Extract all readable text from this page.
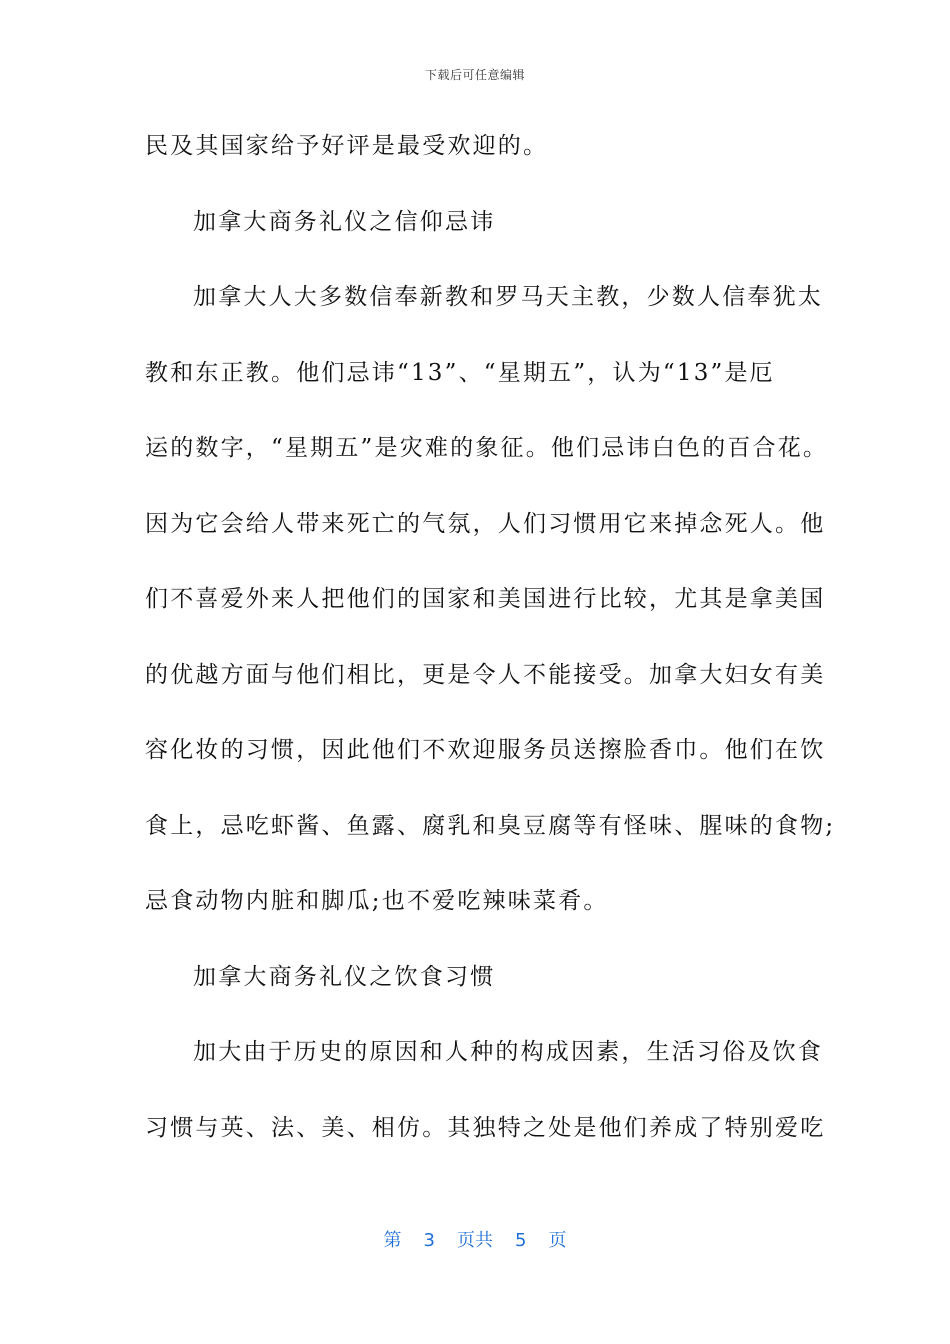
下载后可任意编辑
民及其国家给予好评是最受欢迎的。
加拿大商务礼仪之信仰忌讳
加拿大人大多数信奉新教和罗马天主教，少数人信奉犹太
教和东正教。他们忌讳“13”、“星期五”，认为“13”是厄
运的数字，“星期五”是灾难的象征。他们忌讳白色的百合花。
因为它会给人带来死亡的气氛，人们习惯用它来掉念死人。他
们不喜爱外来人把他们的国家和美国进行比较，尤其是拿美国
的优越方面与他们相比，更是令人不能接受。加拿大妇女有美
容化妆的习惯，因此他们不欢迎服务员送擦脸香巾。他们在饮
食上，忌吃虾酱、鱼露、腐乳和臭豆腐等有怪味、腥味的食物;
忌食动物内脏和脚瓜;也不爱吃辣味菜肴。
加拿大商务礼仪之饮食习惯
加大由于历史的原因和人种的构成因素，生活习俗及饮食
习惯与英、法、美、相仿。其独特之处是他们养成了特别爱吃
第 3 页共 5 页
